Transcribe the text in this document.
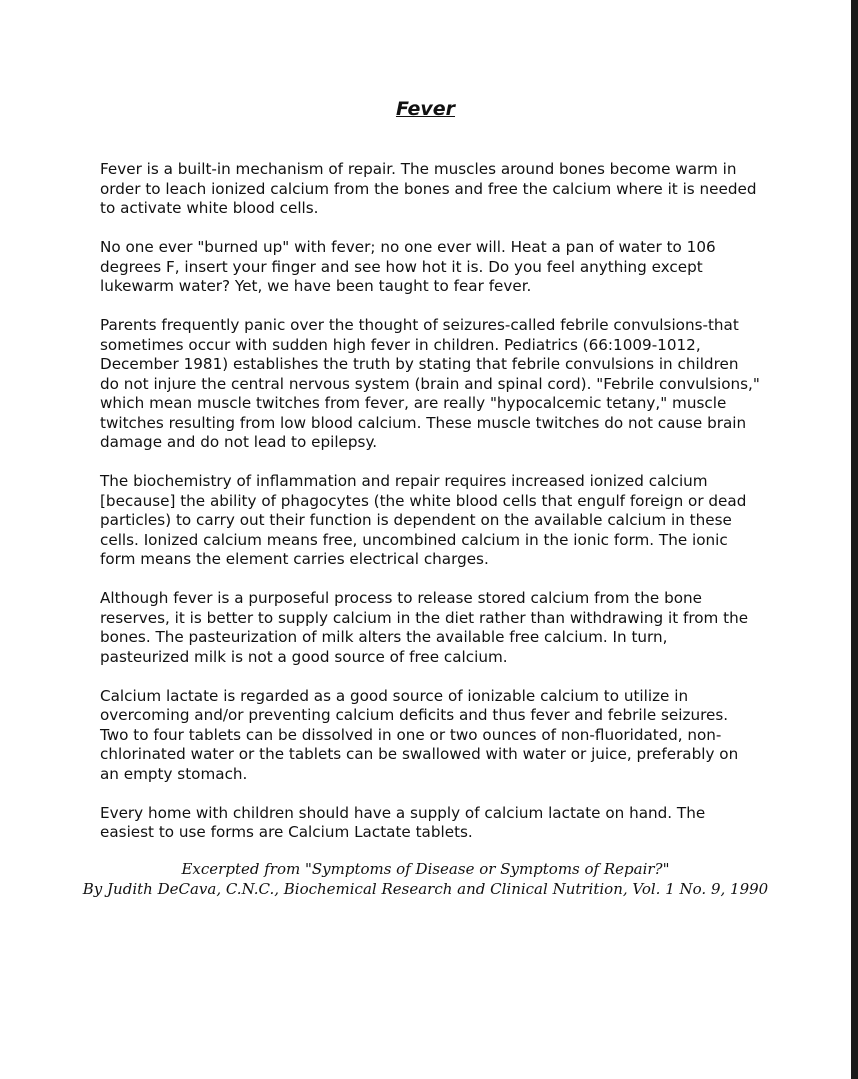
Fever

Fever is a built-in mechanism of repair. The muscles around bones become warm in order to leach ionized calcium from the bones and free the calcium where it is needed to activate white blood cells.

No one ever "burned up" with fever; no one ever will. Heat a pan of water to 106 degrees F, insert your finger and see how hot it is. Do you feel anything except lukewarm water? Yet, we have been taught to fear fever.

Parents frequently panic over the thought of seizures-called febrile convulsions-that sometimes occur with sudden high fever in children. Pediatrics (66:1009-1012, December 1981) establishes the truth by stating that febrile convulsions in children do not injure the central nervous system (brain and spinal cord). "Febrile convulsions," which mean muscle twitches from fever, are really "hypocalcemic tetany," muscle twitches resulting from low blood calcium. These muscle twitches do not cause brain damage and do not lead to epilepsy.

The biochemistry of inflammation and repair requires increased ionized calcium [because] the ability of phagocytes (the white blood cells that engulf foreign or dead particles) to carry out their function is dependent on the available calcium in these cells. Ionized calcium means free, uncombined calcium in the ionic form. The ionic form means the element carries electrical charges.

Although fever is a purposeful process to release stored calcium from the bone reserves, it is better to supply calcium in the diet rather than withdrawing it from the bones. The pasteurization of milk alters the available free calcium. In turn, pasteurized milk is not a good source of free calcium.

Calcium lactate is regarded as a good source of ionizable calcium to utilize in overcoming and/or preventing calcium deficits and thus fever and febrile seizures. Two to four tablets can be dissolved in one or two ounces of non-fluoridated, non-chlorinated water or the tablets can be swallowed with water or juice, preferably on an empty stomach.

Every home with children should have a supply of calcium lactate on hand. The easiest to use forms are Calcium Lactate tablets.

Excerpted from "Symptoms of Disease or Symptoms of Repair?"
By Judith DeCava, C.N.C., Biochemical Research and Clinical Nutrition, Vol. 1 No. 9, 1990
